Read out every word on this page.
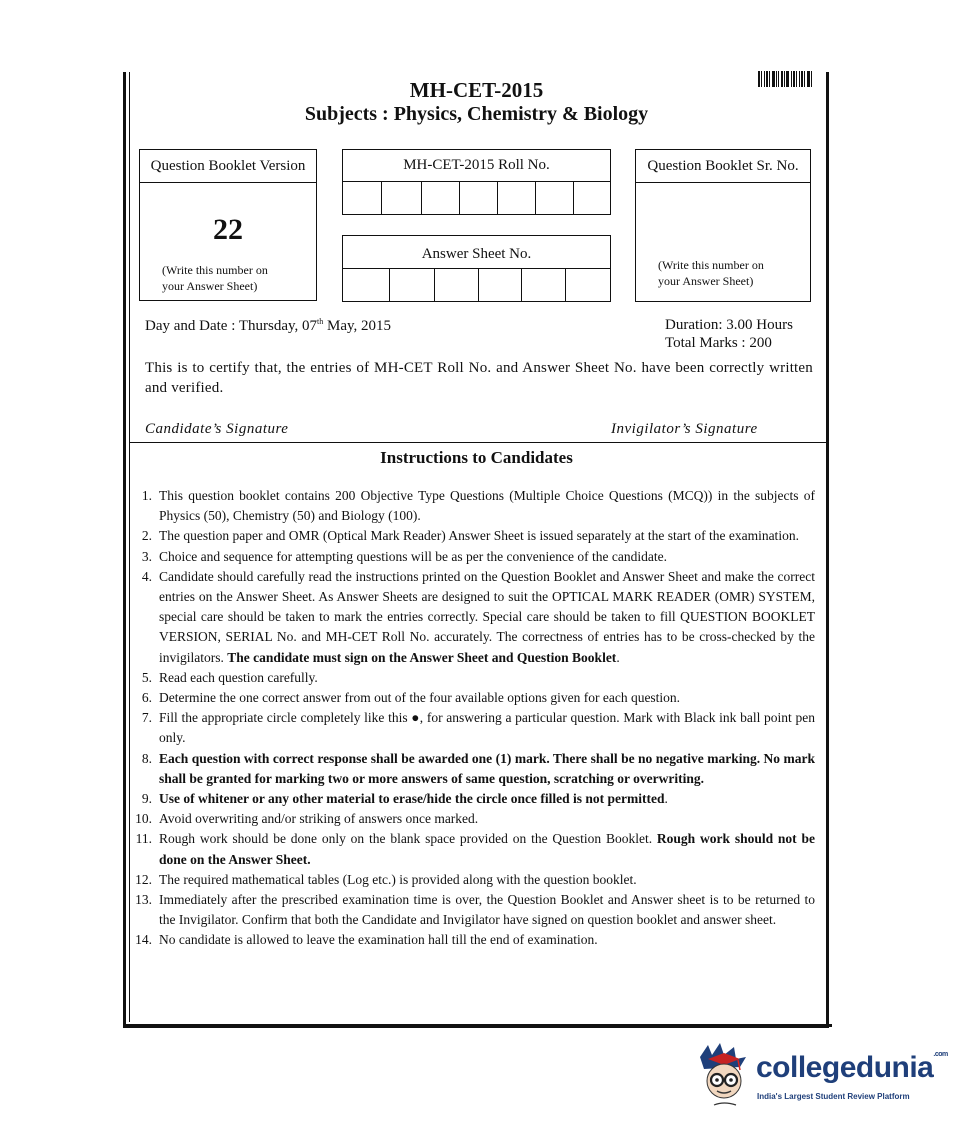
MH-CET-2015
Subjects : Physics, Chemistry & Biology
Question Booklet Version
22
(Write this number on
your Answer Sheet)
MH-CET-2015 Roll No.
Answer Sheet No.
Question Booklet Sr. No.
(Write this number on
your Answer Sheet)
Day and Date : Thursday, 07th May, 2015	Duration: 3.00 Hours
Total Marks : 200
This is to certify that, the entries of MH-CET Roll No. and Answer Sheet No. have been correctly written and verified.
Candidate’s Signature	Invigilator’s Signature
Instructions to Candidates
1. This question booklet contains 200 Objective Type Questions (Multiple Choice Questions (MCQ)) in the subjects of Physics (50), Chemistry (50) and Biology (100).
2. The question paper and OMR (Optical Mark Reader) Answer Sheet is issued separately at the start of the examination.
3. Choice and sequence for attempting questions will be as per the convenience of the candidate.
4. Candidate should carefully read the instructions printed on the Question Booklet and Answer Sheet and make the correct entries on the Answer Sheet. As Answer Sheets are designed to suit the OPTICAL MARK READER (OMR) SYSTEM, special care should be taken to mark the entries correctly. Special care should be taken to fill QUESTION BOOKLET VERSION, SERIAL No. and MH-CET Roll No. accurately. The correctness of entries has to be cross-checked by the invigilators. The candidate must sign on the Answer Sheet and Question Booklet.
5. Read each question carefully.
6. Determine the one correct answer from out of the four available options given for each question.
7. Fill the appropriate circle completely like this ●, for answering a particular question. Mark with Black ink ball point pen only.
8. Each question with correct response shall be awarded one (1) mark. There shall be no negative marking. No mark shall be granted for marking two or more answers of same question, scratching or overwriting.
9. Use of whitener or any other material to erase/hide the circle once filled is not permitted.
10. Avoid overwriting and/or striking of answers once marked.
11. Rough work should be done only on the blank space provided on the Question Booklet. Rough work should not be done on the Answer Sheet.
12. The required mathematical tables (Log etc.) is provided along with the question booklet.
13. Immediately after the prescribed examination time is over, the Question Booklet and Answer sheet is to be returned to the Invigilator. Confirm that both the Candidate and Invigilator have signed on question booklet and answer sheet.
14. No candidate is allowed to leave the examination hall till the end of examination.
collegedunia$^{.com}$
India's Largest Student Review Platform
